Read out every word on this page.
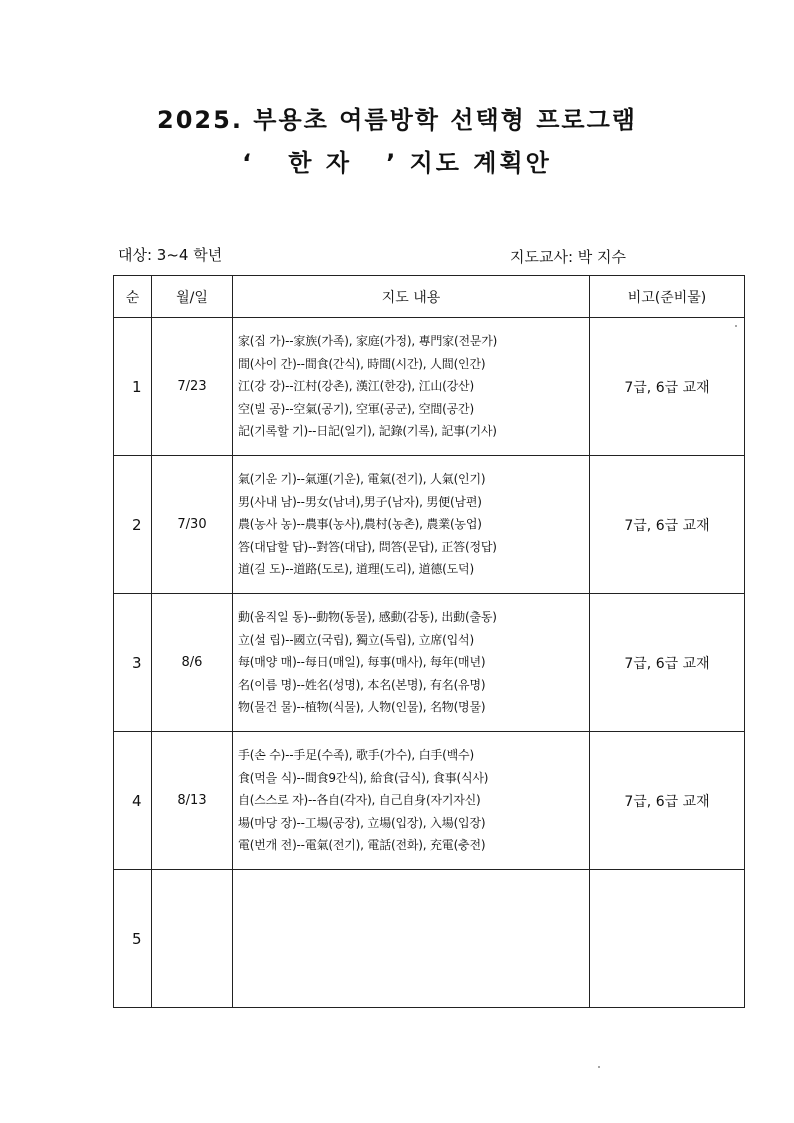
2025. 부용초 여름방학 선택형 프로그램
‘   한 자   ’ 지도 계획안
대상: 3~4 학년	지도교사: 박 지수
순	월/일	지도 내용	비고(준비물)
1	7/23	家(집 가)--家族(가족), 家庭(가정), 專門家(전문가)
間(사이 간)--間食(간식), 時間(시간), 人間(인간)
江(강 강)--江村(강촌), 漢江(한강), 江山(강산)
空(빌 공)--空氣(공기), 空軍(공군), 空間(공간)
記(기록할 기)--日記(일기), 記錄(기록), 記事(기사)	7급, 6급 교재
2	7/30	氣(기운 기)--氣運(기운), 電氣(전기), 人氣(인기)
男(사내 남)--男女(남녀),男子(남자), 男便(남편)
農(농사 농)--農事(농사),農村(농촌), 農業(농업)
答(대답할 답)--對答(대답), 問答(문답), 正答(정답)
道(길 도)--道路(도로), 道理(도리), 道德(도덕)	7급, 6급 교재
3	8/6	動(움직일 동)--動物(동물), 感動(감동), 出動(출동)
立(설 립)--國立(국립), 獨立(독립), 立席(입석)
每(매양 매)--每日(매일), 每事(매사), 每年(매년)
名(이름 명)--姓名(성명), 本名(본명), 有名(유명)
物(물건 물)--植物(식물), 人物(인물), 名物(명물)	7급, 6급 교재
4	8/13	手(손 수)--手足(수족), 歌手(가수), 白手(백수)
食(먹을 식)--間食9간식), 給食(급식), 食事(식사)
自(스스로 자)--各自(각자), 自己自身(자기자신)
場(마당 장)--工場(공장), 立場(입장), 入場(입장)
電(번개 전)--電氣(전기), 電話(전화), 充電(충전)	7급, 6급 교재
5			
